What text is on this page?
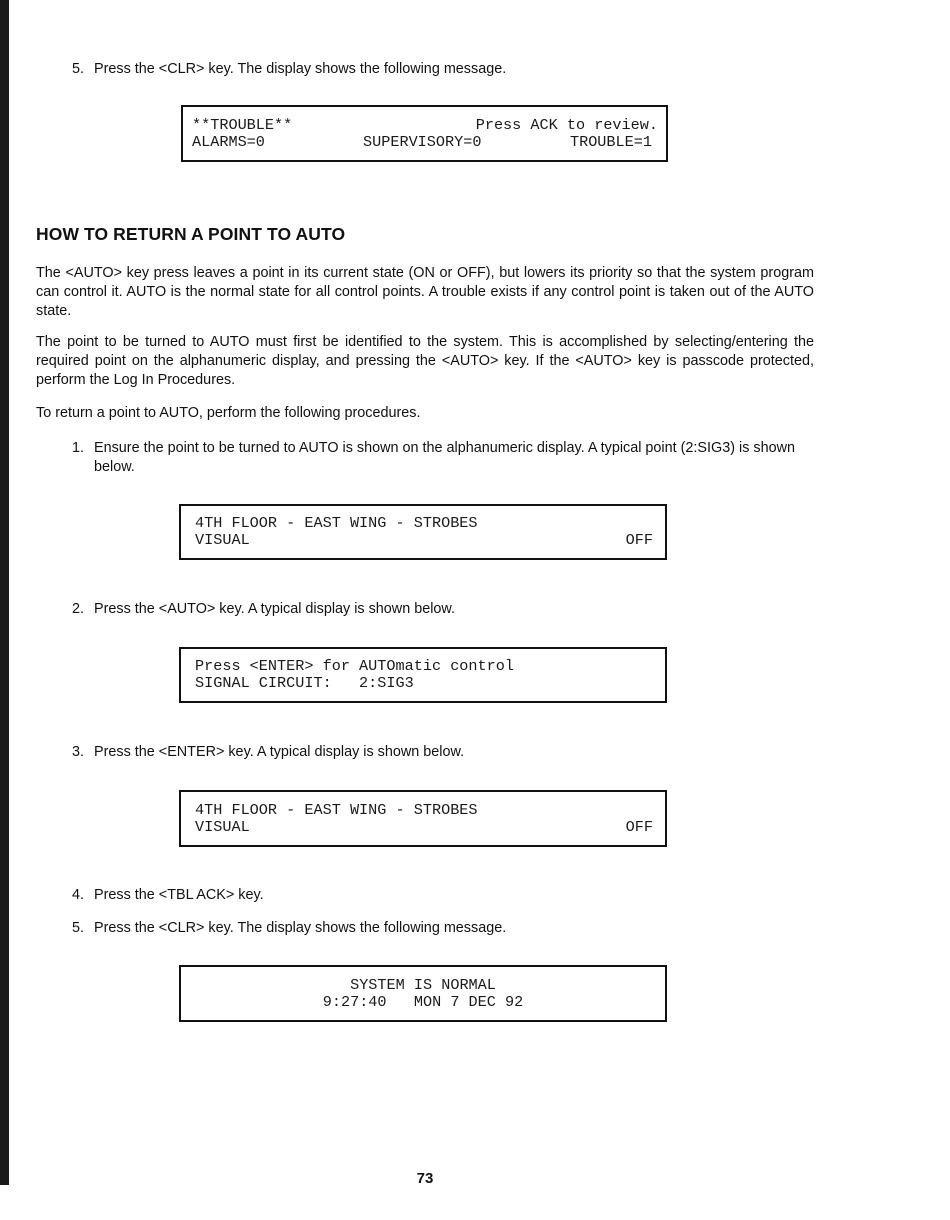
5. Press the <CLR> key. The display shows the following message.
**TROUBLE**	Press ACK to review.
ALARMS=0	SUPERVISORY=0	TROUBLE=1
HOW TO RETURN A POINT TO AUTO
The <AUTO> key press leaves a point in its current state (ON or OFF), but lowers its priority so that the system program can control it. AUTO is the normal state for all control points. A trouble exists if any control point is taken out of the AUTO state.
The point to be turned to AUTO must first be identified to the system. This is accomplished by selecting/entering the required point on the alphanumeric display, and pressing the <AUTO> key. If the <AUTO> key is passcode protected, perform the Log In Procedures.
To return a point to AUTO, perform the following procedures.
1. Ensure the point to be turned to AUTO is shown on the alphanumeric display. A typical point (2:SIG3) is shown below.
4TH FLOOR - EAST WING - STROBES
VISUAL	OFF
2. Press the <AUTO> key. A typical display is shown below.
Press <ENTER> for AUTOmatic control
SIGNAL CIRCUIT:   2:SIG3
3. Press the <ENTER> key. A typical display is shown below.
4TH FLOOR - EAST WING - STROBES
VISUAL	OFF
4. Press the <TBL ACK> key.
5. Press the <CLR> key. The display shows the following message.
SYSTEM IS NORMAL
9:27:40   MON 7 DEC 92
73
